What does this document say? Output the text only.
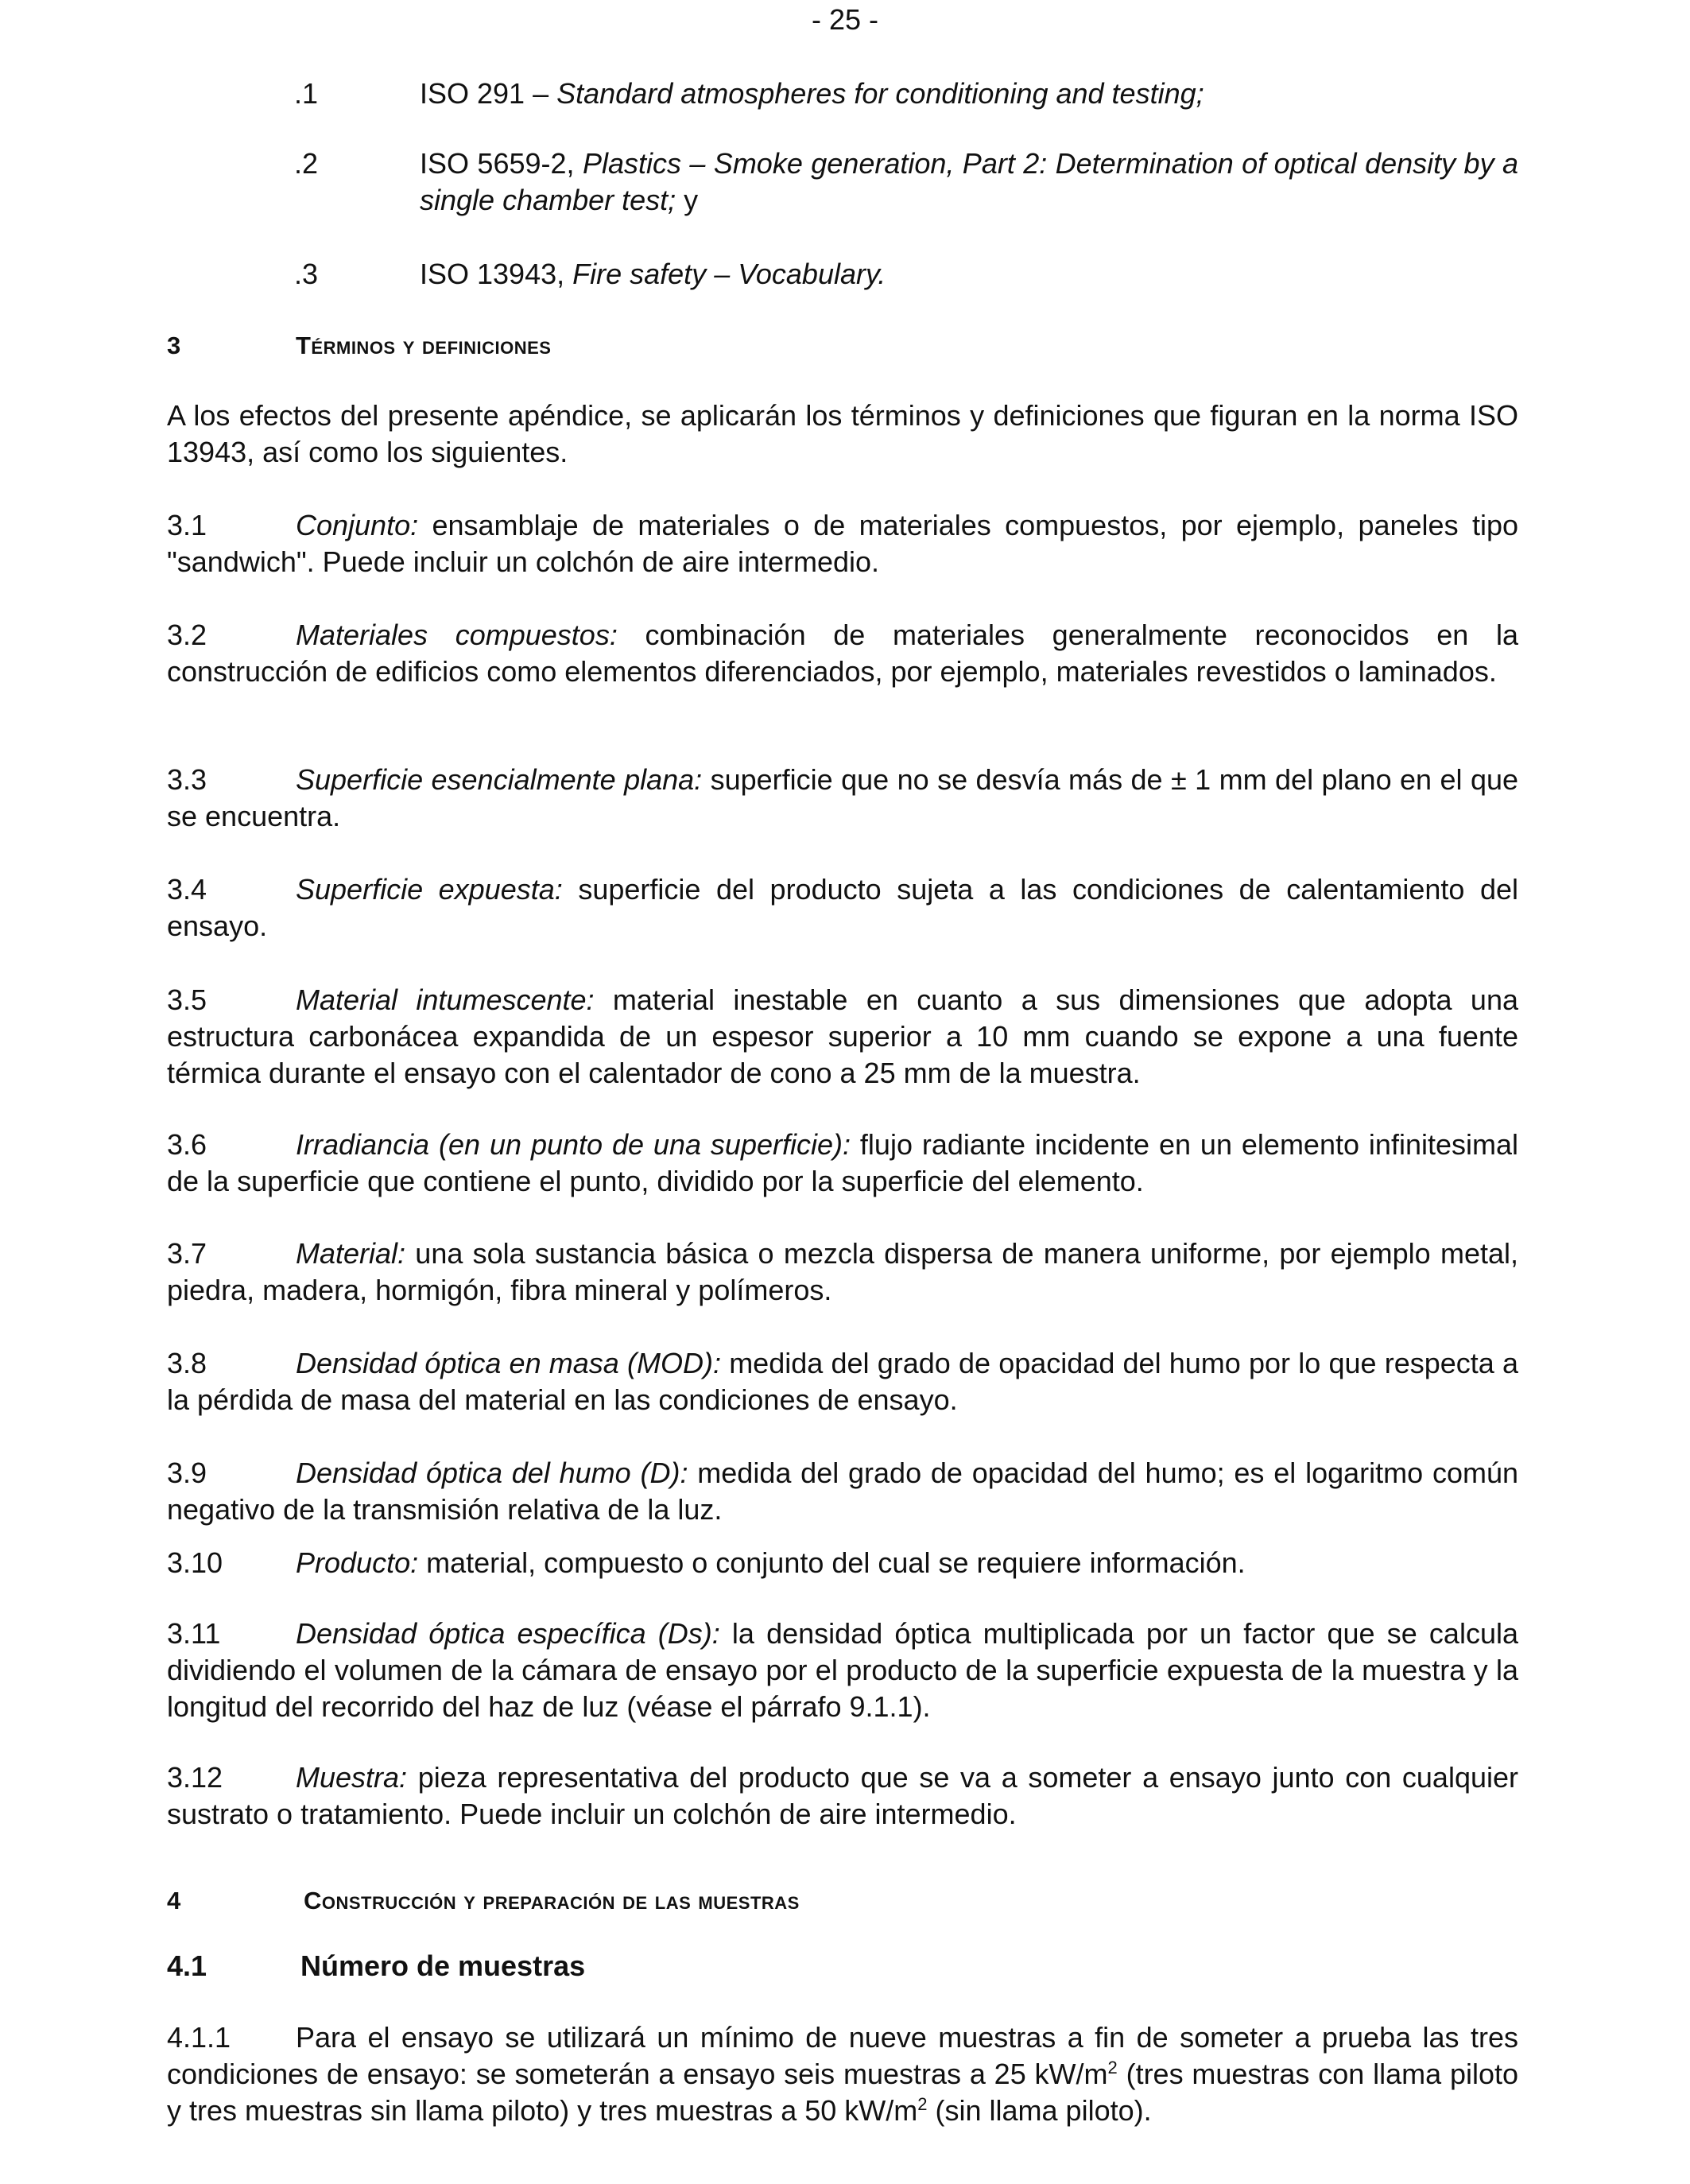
- 25 -
.1	ISO 291 – Standard atmospheres for conditioning and testing;
.2	ISO 5659-2, Plastics – Smoke generation, Part 2: Determination of optical density by a single chamber test; y
.3	ISO 13943, Fire safety – Vocabulary.
3	Términos y definiciones
A los efectos del presente apéndice, se aplicarán los términos y definiciones que figuran en la norma ISO 13943, así como los siguientes.
3.1	Conjunto: ensamblaje de materiales o de materiales compuestos, por ejemplo, paneles tipo "sandwich". Puede incluir un colchón de aire intermedio.
3.2	Materiales compuestos: combinación de materiales generalmente reconocidos en la construcción de edificios como elementos diferenciados, por ejemplo, materiales revestidos o laminados.
3.3	Superficie esencialmente plana: superficie que no se desvía más de ± 1 mm del plano en el que se encuentra.
3.4	Superficie expuesta: superficie del producto sujeta a las condiciones de calentamiento del ensayo.
3.5	Material intumescente: material inestable en cuanto a sus dimensiones que adopta una estructura carbonácea expandida de un espesor superior a 10 mm cuando se expone a una fuente térmica durante el ensayo con el calentador de cono a 25 mm de la muestra.
3.6	Irradiancia (en un punto de una superficie): flujo radiante incidente en un elemento infinitesimal de la superficie que contiene el punto, dividido por la superficie del elemento.
3.7	Material: una sola sustancia básica o mezcla dispersa de manera uniforme, por ejemplo metal, piedra, madera, hormigón, fibra mineral y polímeros.
3.8	Densidad óptica en masa (MOD): medida del grado de opacidad del humo por lo que respecta a la pérdida de masa del material en las condiciones de ensayo.
3.9	Densidad óptica del humo (D): medida del grado de opacidad del humo; es el logaritmo común negativo de la transmisión relativa de la luz.
3.10	Producto: material, compuesto o conjunto del cual se requiere información.
3.11	Densidad óptica específica (Ds): la densidad óptica multiplicada por un factor que se calcula dividiendo el volumen de la cámara de ensayo por el producto de la superficie expuesta de la muestra y la longitud del recorrido del haz de luz (véase el párrafo 9.1.1).
3.12	Muestra: pieza representativa del producto que se va a someter a ensayo junto con cualquier sustrato o tratamiento. Puede incluir un colchón de aire intermedio.
4	Construcción y preparación de las muestras
4.1	Número de muestras
4.1.1 Para el ensayo se utilizará un mínimo de nueve muestras a fin de someter a prueba las tres condiciones de ensayo: se someterán a ensayo seis muestras a 25 $kW/m^2$ (tres muestras con llama piloto y tres muestras sin llama piloto) y tres muestras a 50 $kW/m^2$ (sin llama piloto).
